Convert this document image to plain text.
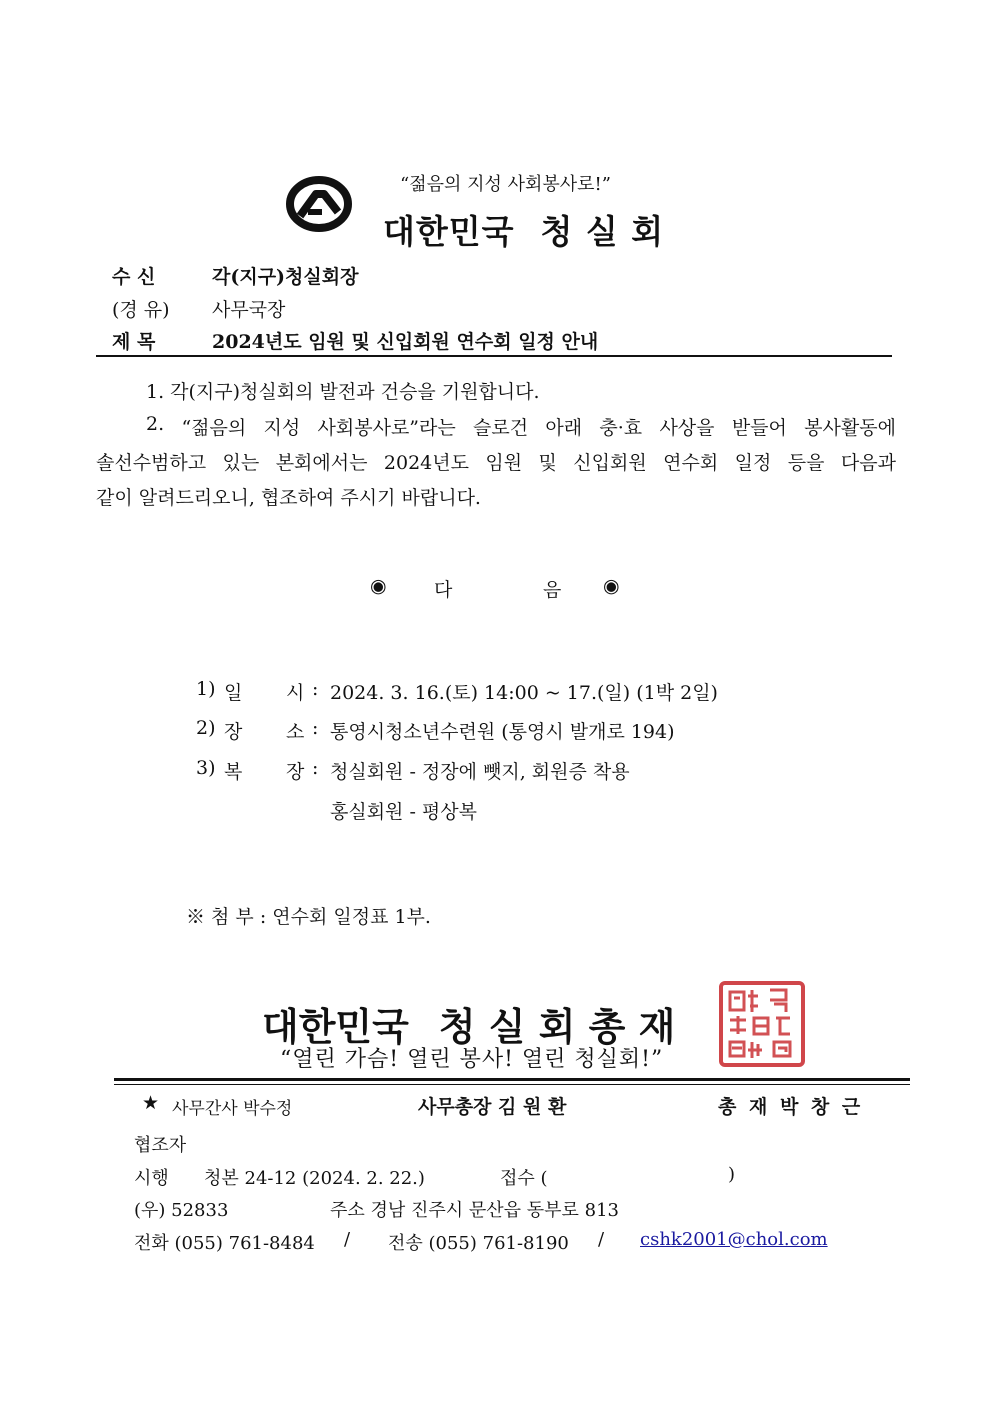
“젊음의 지성 사회봉사로!”
대한민국 청 실 회
수 신	각(지구)청실회장
(경 유) 사무국장
제 목	2024년도 임원 및 신입회원 연수회 일정 안내
1. 각(지구)청실회의 발전과 건승을 기원합니다.
2. “젊음의 지성 사회봉사로”라는 슬로건 아래 충·효 사상을 받들어 봉사활동에
솔선수범하고 있는 본회에서는 2024년도 임원 및 신입회원 연수회 일정 등을 다음과
같이 알려드리오니, 협조하여 주시기 바랍니다.
◉ 다	음 ◉
1) 일 시 : 2024. 3. 16.(토) 14:00 ~ 17.(일) (1박 2일)
2) 장 소 : 통영시청소년수련원 (통영시 발개로 194)
3) 복 장 : 청실회원 - 정장에 뺏지, 회원증 착용
홍실회원 - 평상복
※ 첨 부 : 연수회 일정표 1부.
대한민국 청 실 회 총 재
“열린 가슴! 열린 봉사! 열린 청실회!”
★ 사무간사 박수정	사무총장 김 원 환	총 재 박 창 근
협조자
시행 청본 24-12 (2024. 2. 22.)	접수 (	)
(우) 52833	주소 경남 진주시 문산읍 동부로 813
전화 (055) 761-8484 / 전송 (055) 761-8190 / cshk2001@chol.com
